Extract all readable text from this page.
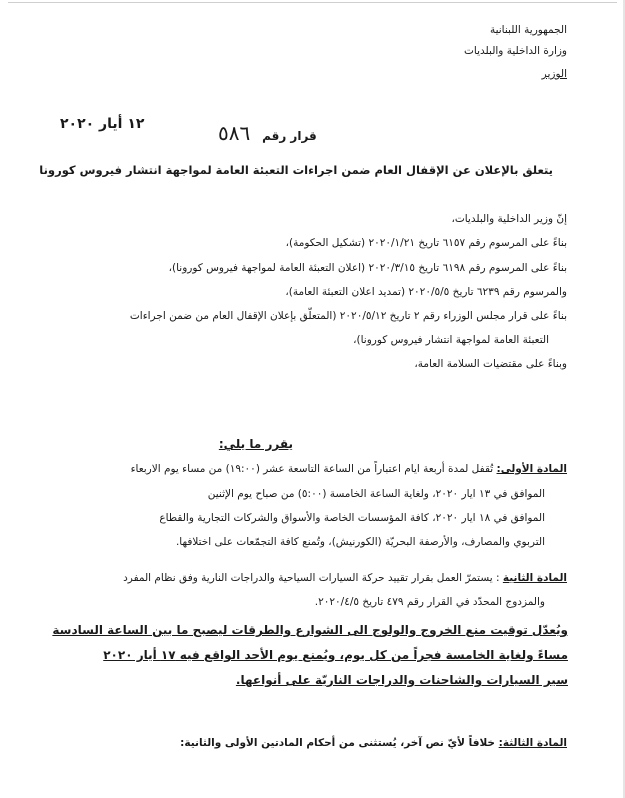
الجمهورية اللبنانية
وزارة الداخلية والبلديات
الوزير
١٢ أيار ٢٠٢٠
قرار رقم ٥٨٦
يتعلق بالإعلان عن الإقفال العام ضمن اجراءات التعبئة العامة لمواجهة انتشار فيروس كورونا
إنّ وزير الداخلية والبلديات،
بناءً على المرسوم رقم ٦١٥٧ تاريخ ٢٠٢٠/١/٢١ (تشكيل الحكومة)،
بناءً على المرسوم رقم ٦١٩٨ تاريخ ٢٠٢٠/٣/١٥ (اعلان التعبئة العامة لمواجهة فيروس كورونا)،
والمرسوم رقم ٦٢٣٩ تاريخ ٢٠٢٠/٥/٥ (تمديد اعلان التعبئة العامة)،
بناءً على قرار مجلس الوزراء رقم ٢ تاريخ ٢٠٢٠/٥/١٢ (المتعلّق بإعلان الإقفال العام من ضمن اجراءات
التعبئة العامة لمواجهة انتشار فيروس كورونا)،
وبناءً على مقتضيات السلامة العامة،
يقرر ما يلي:
المادة الأولى: تُقفل لمدة أربعة ايام اعتباراً من الساعة التاسعة عشر (١٩:٠٠) من مساء يوم الاربعاء
الموافق في ١٣ ايار ٢٠٢٠، ولغاية الساعة الخامسة (٥:٠٠) من صباح يوم الإثنين
الموافق في ١٨ ايار ٢٠٢٠، كافة المؤسسات الخاصة والأسواق والشركات التجارية والقطاع
التربوي والمصارف، والأرصفة البحريّة (الكورنيش)، وتُمنع كافة التجمّعات على اختلافها.
المادة الثانية : يستمرّ العمل بقرار تقييد حركة السيارات السياحية والدراجات النارية وفق نظام المفرد
والمزدوج المحدّد في القرار رقم ٤٧٩ تاريخ ٢٠٢٠/٤/٥.
ويُعدّل توقيت منع الخروج والولوج الى الشوارع والطرقات ليصبح ما بين الساعة السادسة
مساءً ولغاية الخامسة فجراً من كل يوم، ويُمنع يوم الأحد الواقع فيه ١٧ أيار ٢٠٢٠
سير السيارات والشاحنات والدراجات الناريّة على أنواعها.
المادة الثالثة: خلافاً لأيّ نص آخر، يُستثنى من أحكام المادتين الأولى والثانية:
